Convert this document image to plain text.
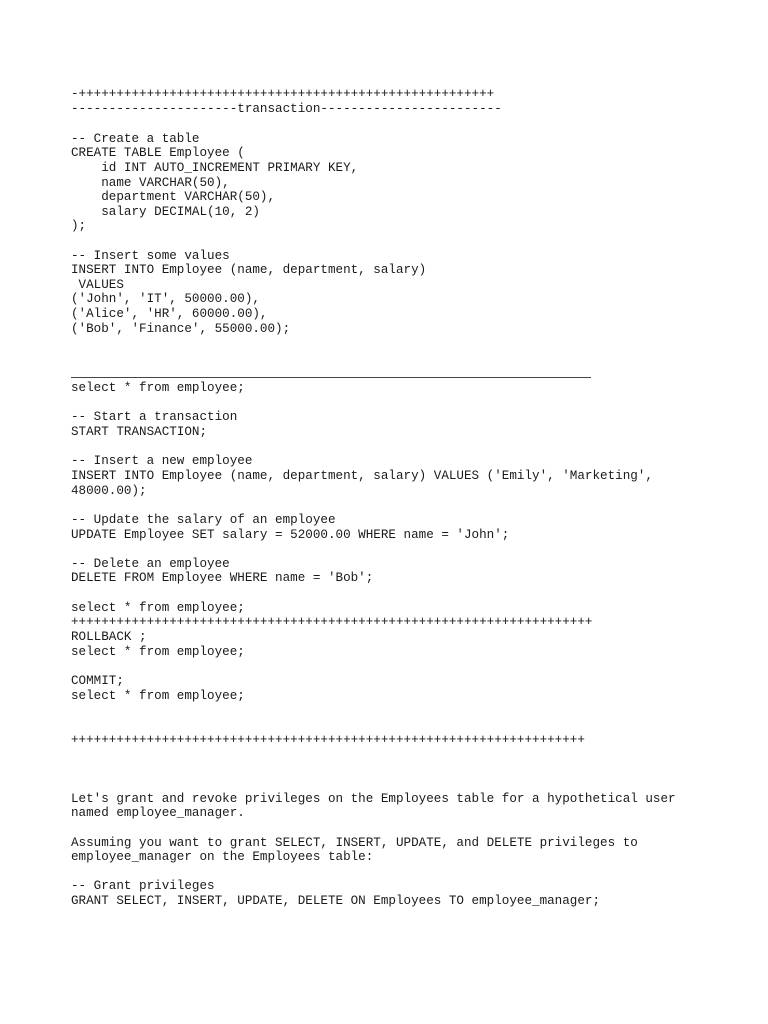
-+++++++++++++++++++++++++++++++++++++++++++++++++++++++
----------------------transaction------------------------
-- Create a table
CREATE TABLE Employee (
id INT AUTO_INCREMENT PRIMARY KEY,
name VARCHAR(50),
department VARCHAR(50),
salary DECIMAL(10, 2)
);
-- Insert some values
INSERT INTO Employee (name, department, salary)
VALUES
('John', 'IT', 50000.00),
('Alice', 'HR', 60000.00),
('Bob', 'Finance', 55000.00);
select * from employee;
-- Start a transaction
START TRANSACTION;
-- Insert a new employee
INSERT INTO Employee (name, department, salary) VALUES ('Emily', 'Marketing',
48000.00);
-- Update the salary of an employee
UPDATE Employee SET salary = 52000.00 WHERE name = 'John';
-- Delete an employee
DELETE FROM Employee WHERE name = 'Bob';
select * from employee;
+++++++++++++++++++++++++++++++++++++++++++++++++++++++++++++++++++++
ROLLBACK ;
select * from employee;
COMMIT;
select * from employee;
++++++++++++++++++++++++++++++++++++++++++++++++++++++++++++++++++++
Let's grant and revoke privileges on the Employees table for a hypothetical user
named employee_manager.
Assuming you want to grant SELECT, INSERT, UPDATE, and DELETE privileges to
employee_manager on the Employees table:
-- Grant privileges
GRANT SELECT, INSERT, UPDATE, DELETE ON Employees TO employee_manager;
